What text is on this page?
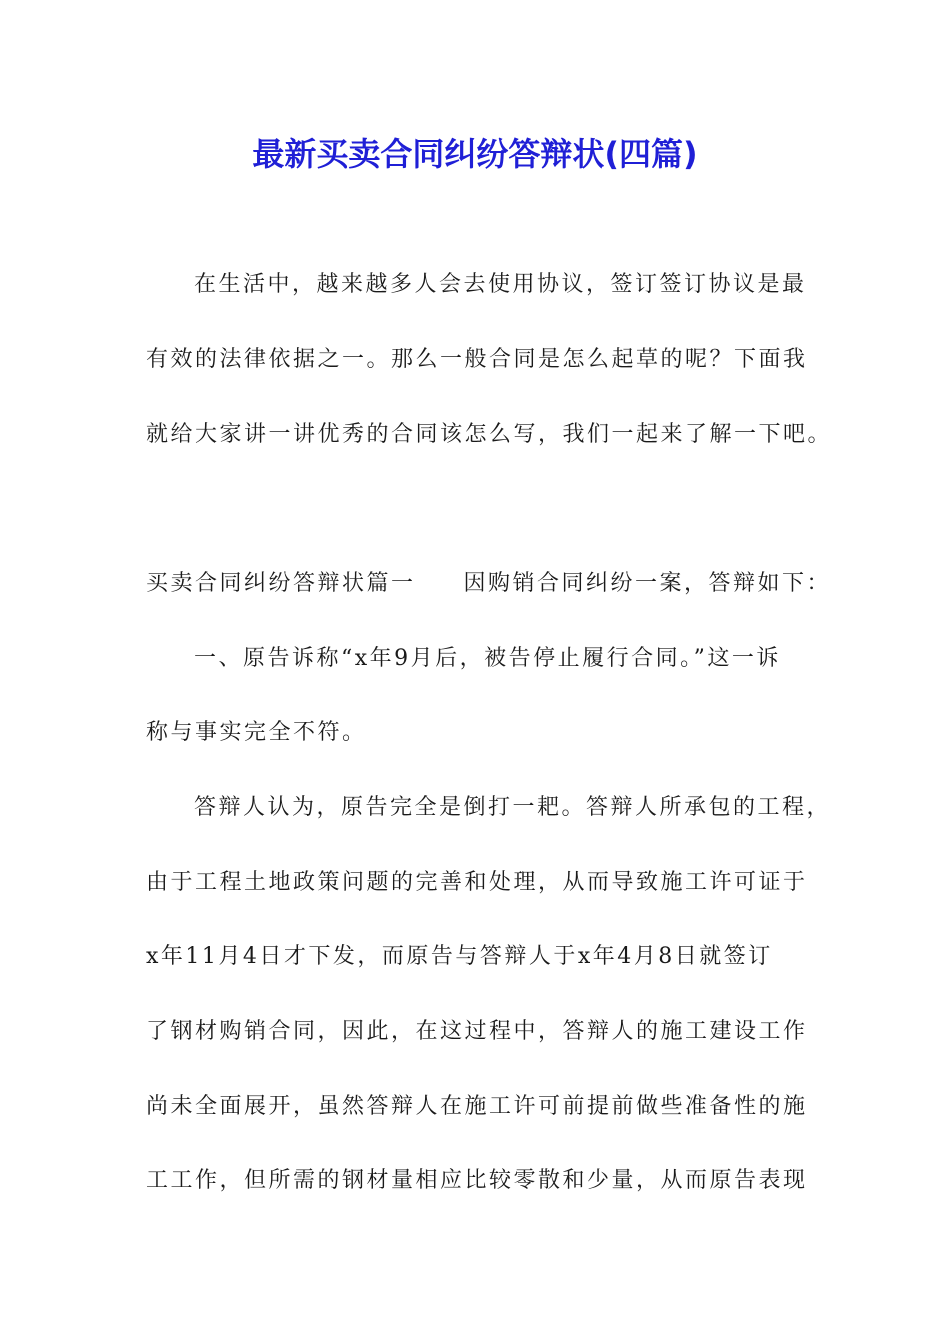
最新买卖合同纠纷答辩状(四篇)
在生活中，越来越多人会去使用协议，签订签订协议是最
有效的法律依据之一。那么一般合同是怎么起草的呢？下面我
就给大家讲一讲优秀的合同该怎么写，我们一起来了解一下吧。
买卖合同纠纷答辩状篇一 因购销合同纠纷一案，答辩如下：
一、原告诉称“x年9月后，被告停止履行合同。”这一诉
称与事实完全不符。
答辩人认为，原告完全是倒打一耙。答辩人所承包的工程，
由于工程土地政策问题的完善和处理，从而导致施工许可证于
x年11月4日才下发，而原告与答辩人于x年4月8日就签订
了钢材购销合同，因此，在这过程中，答辩人的施工建设工作
尚未全面展开，虽然答辩人在施工许可前提前做些准备性的施
工工作，但所需的钢材量相应比较零散和少量，从而原告表现
